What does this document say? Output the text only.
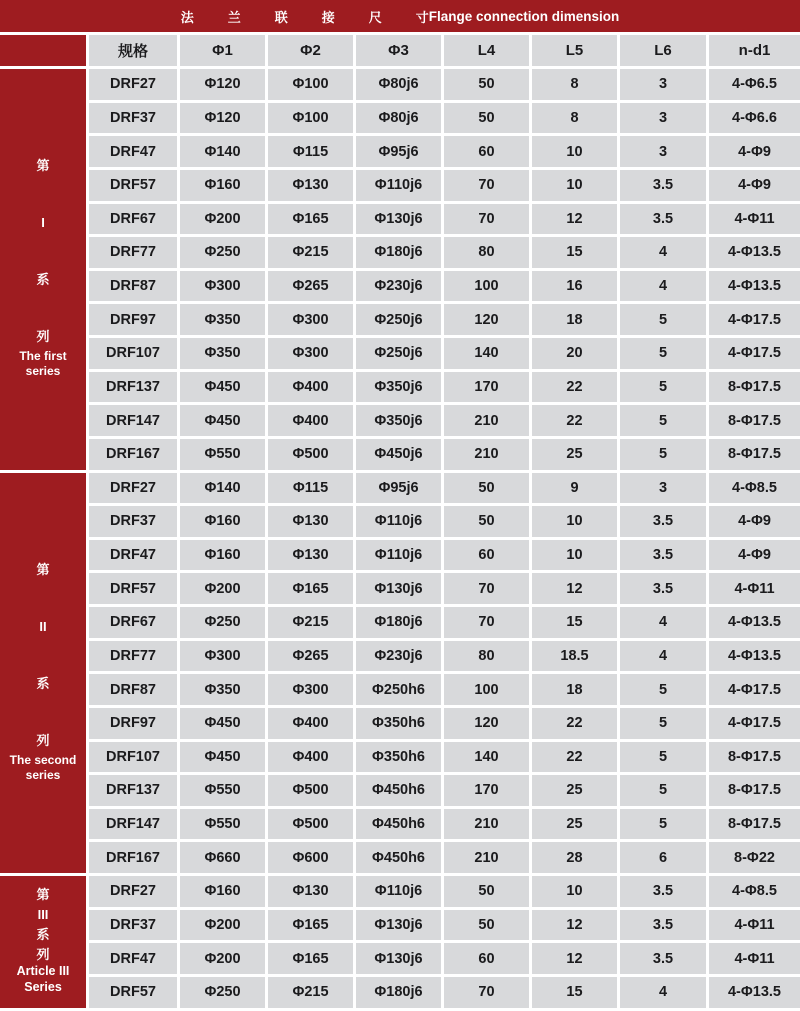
法兰联接尺寸
Flange connection dimension
规格	Φ1	Φ2	Φ3	L4	L5	L6	n-d1
第
I
系
列
The first series
DRF27	Φ120	Φ100	Φ80j6	50	8	3	4-Φ6.5
DRF37	Φ120	Φ100	Φ80j6	50	8	3	4-Φ6.6
DRF47	Φ140	Φ115	Φ95j6	60	10	3	4-Φ9
DRF57	Φ160	Φ130	Φ110j6	70	10	3.5	4-Φ9
DRF67	Φ200	Φ165	Φ130j6	70	12	3.5	4-Φ11
DRF77	Φ250	Φ215	Φ180j6	80	15	4	4-Φ13.5
DRF87	Φ300	Φ265	Φ230j6	100	16	4	4-Φ13.5
DRF97	Φ350	Φ300	Φ250j6	120	18	5	4-Φ17.5
DRF107	Φ350	Φ300	Φ250j6	140	20	5	4-Φ17.5
DRF137	Φ450	Φ400	Φ350j6	170	22	5	8-Φ17.5
DRF147	Φ450	Φ400	Φ350j6	210	22	5	8-Φ17.5
DRF167	Φ550	Φ500	Φ450j6	210	25	5	8-Φ17.5
第
II
系
列
The second series
DRF27	Φ140	Φ115	Φ95j6	50	9	3	4-Φ8.5
DRF37	Φ160	Φ130	Φ110j6	50	10	3.5	4-Φ9
DRF47	Φ160	Φ130	Φ110j6	60	10	3.5	4-Φ9
DRF57	Φ200	Φ165	Φ130j6	70	12	3.5	4-Φ11
DRF67	Φ250	Φ215	Φ180j6	70	15	4	4-Φ13.5
DRF77	Φ300	Φ265	Φ230j6	80	18.5	4	4-Φ13.5
DRF87	Φ350	Φ300	Φ250h6	100	18	5	4-Φ17.5
DRF97	Φ450	Φ400	Φ350h6	120	22	5	4-Φ17.5
DRF107	Φ450	Φ400	Φ350h6	140	22	5	8-Φ17.5
DRF137	Φ550	Φ500	Φ450h6	170	25	5	8-Φ17.5
DRF147	Φ550	Φ500	Φ450h6	210	25	5	8-Φ17.5
DRF167	Φ660	Φ600	Φ450h6	210	28	6	8-Φ22
第
III
系
列
Article III Series
DRF27	Φ160	Φ130	Φ110j6	50	10	3.5	4-Φ8.5
DRF37	Φ200	Φ165	Φ130j6	50	12	3.5	4-Φ11
DRF47	Φ200	Φ165	Φ130j6	60	12	3.5	4-Φ11
DRF57	Φ250	Φ215	Φ180j6	70	15	4	4-Φ13.5
